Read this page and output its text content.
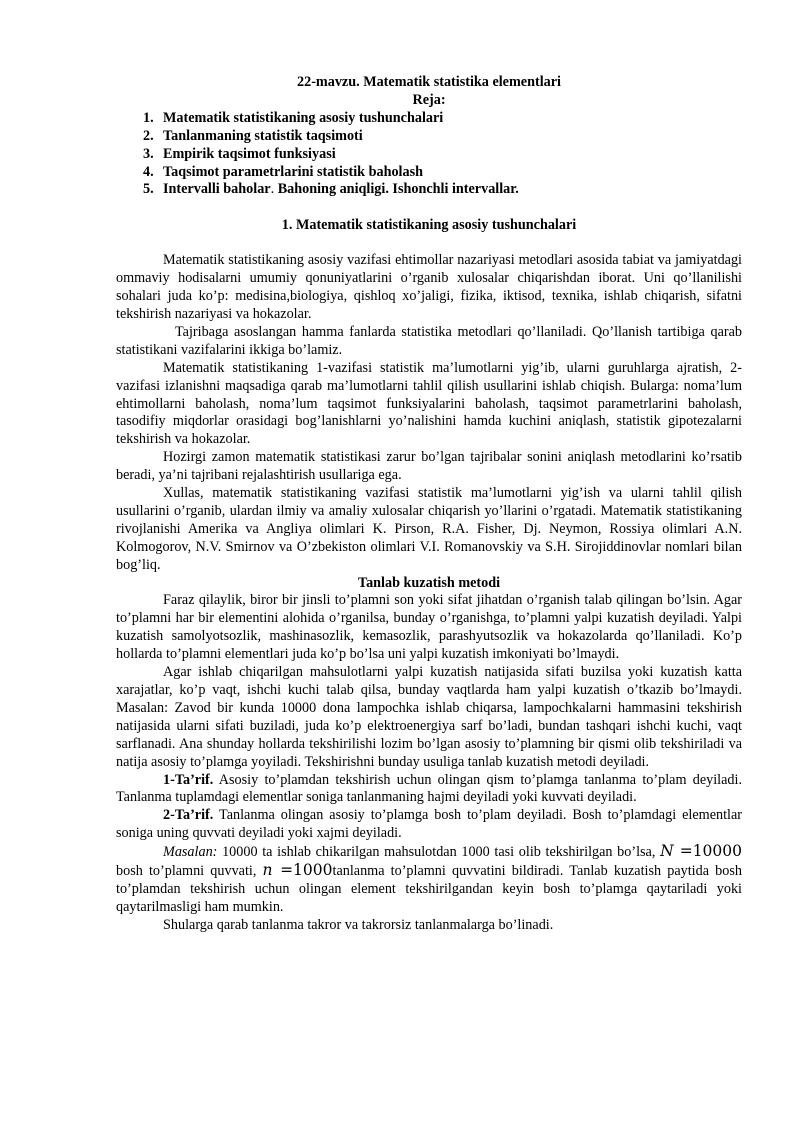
22-mavzu. Matematik statistika elementlari
Reja:
1. Matematik statistikaning asosiy tushunchalari
2. Tanlanmaning statistik taqsimoti
3. Empirik taqsimot funksiyasi
4. Taqsimot parametrlarini statistik baholash
5. Intervalli baholar. Bahoning aniqligi. Ishonchli intervallar.
1. Matematik statistikaning asosiy tushunchalari

Matematik statistikaning asosiy vazifasi ehtimollar nazariyasi metodlari asosida tabiat va jamiyatdagi ommaviy hodisalarni umumiy qonuniyatlarini o’rganib xulosalar chiqarishdan iborat. Uni qo’llanilishi sohalari juda ko’p: medisina,biologiya, qishloq xo’jaligi, fizika, iktisod, texnika, ishlab chiqarish, sifatni tekshirish nazariyasi va hokazolar.

Tajribaga asoslangan hamma fanlarda statistika metodlari qo’llaniladi. Qo’llanish tartibiga qarab statistikani vazifalarini ikkiga bo’lamiz.

Matematik statistikaning 1-vazifasi statistik ma’lumotlarni yig’ib, ularni guruhlarga ajratish, 2-vazifasi izlanishni maqsadiga qarab ma’lumotlarni tahlil qilish usullarini ishlab chiqish. Bularga: noma’lum ehtimollarni baholash, noma’lum taqsimot funksiyalarini baholash, taqsimot parametrlarini baholash, tasodifiy miqdorlar orasidagi bog’lanishlarni yo’nalishini hamda kuchini aniqlash, statistik gipotezalarni tekshirish va hokazolar.

Hozirgi zamon matematik statistikasi zarur bo’lgan tajribalar sonini aniqlash metodlarini ko’rsatib beradi, ya’ni tajribani rejalashtirish usullariga ega.

Xullas, matematik statistikaning vazifasi statistik ma’lumotlarni yig’ish va ularni tahlil qilish usullarini o’rganib, ulardan ilmiy va amaliy xulosalar chiqarish yo’llarini o’rgatadi. Matematik statistikaning rivojlanishi Amerika va Angliya olimlari K. Pirson, R.A. Fisher, Dj. Neymon, Rossiya olimlari A.N. Kolmogorov, N.V. Smirnov va O’zbekiston olimlari V.I. Romanovskiy va S.H. Sirojiddinovlar nomlari bilan bog’liq.

Tanlab kuzatish metodi

Faraz qilaylik, biror bir jinsli to’plamni son yoki sifat jihatdan o’rganish talab qilingan bo’lsin. Agar to’plamni har bir elementini alohida o’rganilsa, bunday o’rganishga, to’plamni yalpi kuzatish deyiladi. Yalpi kuzatish samolyotsozlik, mashinasozlik, kemasozlik, parashyutsozlik va hokazolarda qo’llaniladi. Ko’p hollarda to’plamni elementlari juda ko’p bo’lsa uni yalpi kuzatish imkoniyati bo’lmaydi.

Agar ishlab chiqarilgan mahsulotlarni yalpi kuzatish natijasida sifati buzilsa yoki kuzatish katta xarajatlar, ko’p vaqt, ishchi kuchi talab qilsa, bunday vaqtlarda ham yalpi kuzatish o’tkazib bo’lmaydi. Masalan: Zavod bir kunda 10000 dona lampochka ishlab chiqarsa, lampochkalarni hammasini tekshirish natijasida ularni sifati buziladi, juda ko’p elektroenergiya sarf bo’ladi, bundan tashqari ishchi kuchi, vaqt sarflanadi. Ana shunday hollarda tekshirilishi lozim bo’lgan asosiy to’plamning bir qismi olib tekshiriladi va natija asosiy to’plamga yoyiladi. Tekshirishni bunday usuliga tanlab kuzatish metodi deyiladi.

1-Ta’rif. Asosiy to’plamdan tekshirish uchun olingan qism to’plamga tanlanma to’plam deyiladi. Tanlanma tuplamdagi elementlar soniga tanlanmaning hajmi deyiladi yoki kuvvati deyiladi.

2-Ta’rif. Tanlanma olingan asosiy to’plamga bosh to’plam deyiladi. Bosh to’plamdagi elementlar soniga uning quvvati deyiladi yoki xajmi deyiladi.

Masalan: 10000 ta ishlab chikarilgan mahsulotdan 1000 tasi olib tekshirilgan bo’lsa, N =10000 bosh to’plamni quvvati, n =1000tanlanma to’plamni quvvatini bildiradi. Tanlab kuzatish paytida bosh to’plamdan tekshirish uchun olingan element tekshirilgandan keyin bosh to’plamga qaytariladi yoki qaytarilmasligi ham mumkin.

Shularga qarab tanlanma takror va takrorsiz tanlanmalarga bo’linadi.
